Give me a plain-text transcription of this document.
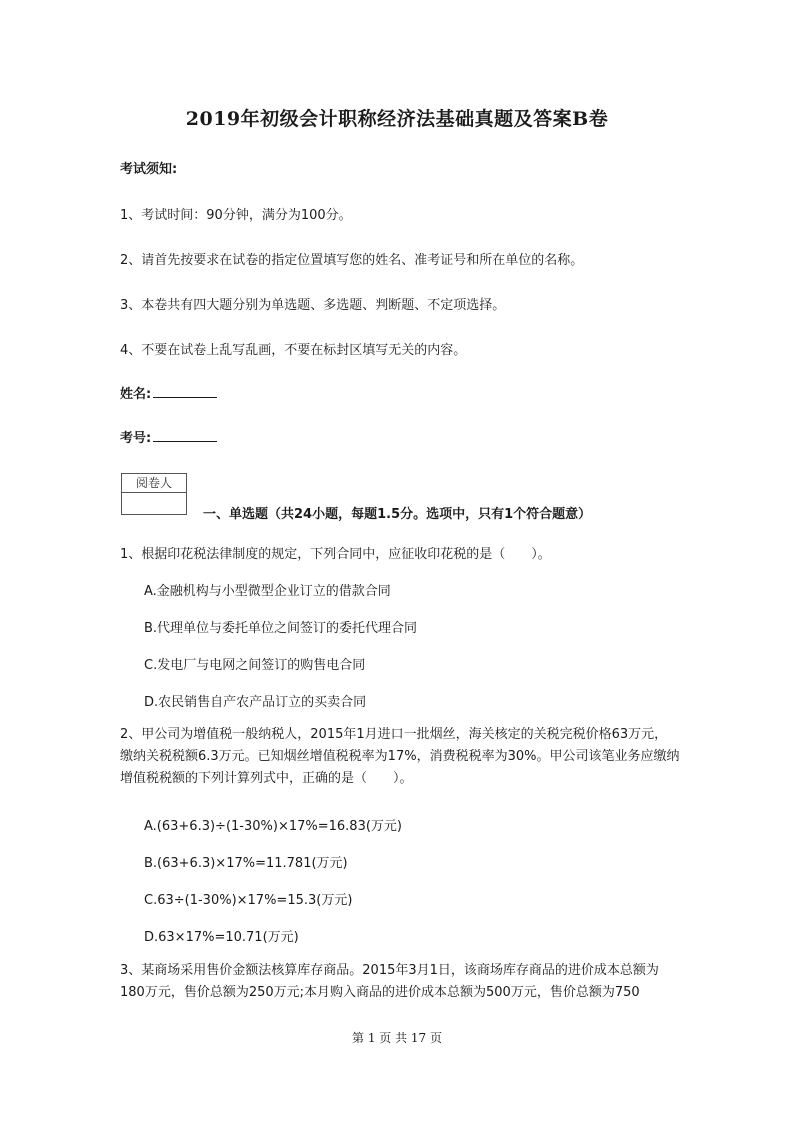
2019年初级会计职称经济法基础真题及答案B卷
考试须知:
1、考试时间：90分钟，满分为100分。
2、请首先按要求在试卷的指定位置填写您的姓名、准考证号和所在单位的名称。
3、本卷共有四大题分别为单选题、多选题、判断题、不定项选择。
4、不要在试卷上乱写乱画，不要在标封区填写无关的内容。
姓名:
考号:
阅卷人
一、单选题（共24小题，每题1.5分。选项中，只有1个符合题意）
1、根据印花税法律制度的规定，下列合同中，应征收印花税的是（　　）。
A.金融机构与小型微型企业订立的借款合同
B.代理单位与委托单位之间签订的委托代理合同
C.发电厂与电网之间签订的购售电合同
D.农民销售自产农产品订立的买卖合同
2、甲公司为增值税一般纳税人，2015年1月进口一批烟丝，海关核定的关税完税价格63万元，缴纳关税税额6.3万元。已知烟丝增值税税率为17%，消费税税率为30%。甲公司该笔业务应缴纳增值税税额的下列计算列式中，正确的是（　　）。
A.(63+6.3)÷(1-30%)×17%=16.83(万元)
B.(63+6.3)×17%=11.781(万元)
C.63÷(1-30%)×17%=15.3(万元)
D.63×17%=10.71(万元)
3、某商场采用售价金额法核算库存商品。2015年3月1日，该商场库存商品的进价成本总额为180万元，售价总额为250万元;本月购入商品的进价成本总额为500万元，售价总额为750
第 1 页 共 17 页
